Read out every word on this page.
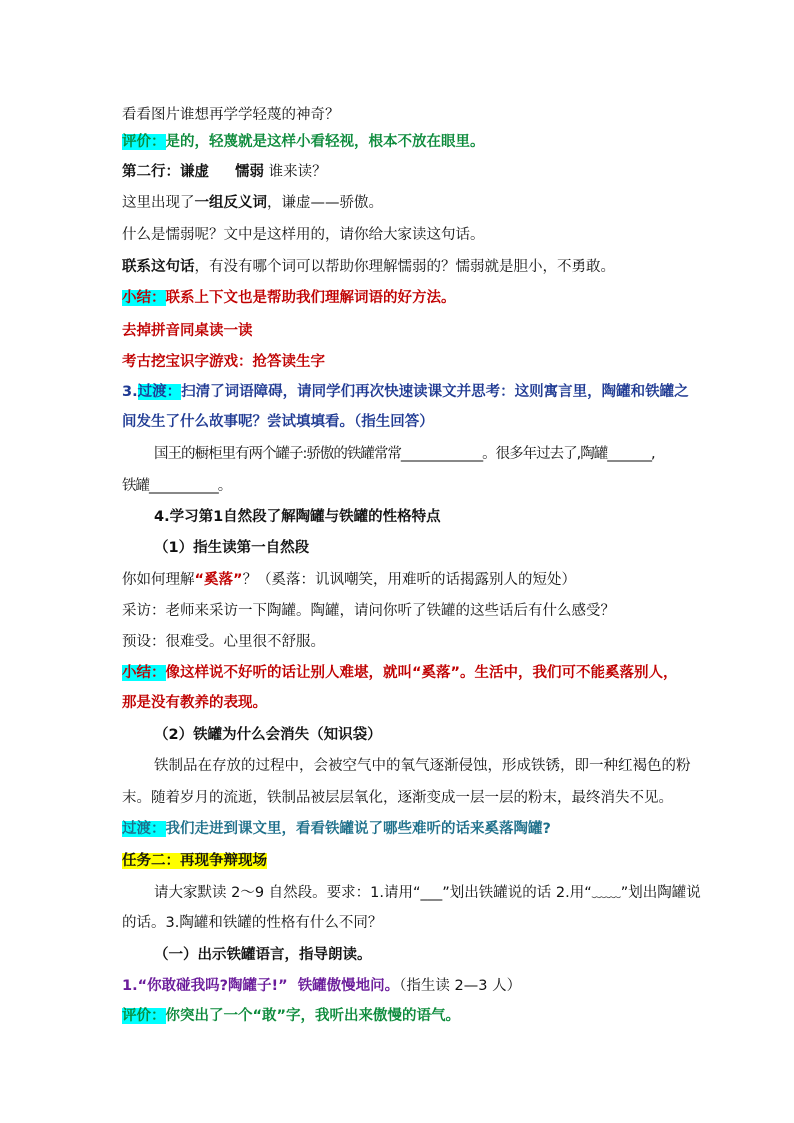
看看图片谁想再学学轻蔑的神奇？
评价：是的，轻蔑就是这样小看轻视，根本不放在眼里。
第二行：谦虚 懦弱 谁来读？
这里出现了一组反义词，谦虚——骄傲。
什么是懦弱呢？文中是这样用的，请你给大家读这句话。
联系这句话，有没有哪个词可以帮助你理解懦弱的？懦弱就是胆小，不勇敢。
小结：联系上下文也是帮助我们理解词语的好方法。
去掉拼音同桌读一读
考古挖宝识字游戏：抢答读生字
3.过渡：扫清了词语障碍，请同学们再次快速读课文并思考：这则寓言里，陶罐和铁罐之
间发生了什么故事呢？尝试填填看。（指生回答）
国王的橱柜里有两个罐子:骄傲的铁罐常常_____________。很多年过去了,陶罐_______,
铁罐___________。
4.学习第1自然段了解陶罐与铁罐的性格特点
（1）指生读第一自然段
你如何理解“奚落”？（奚落：讥讽嘲笑，用难听的话揭露别人的短处）
采访：老师来采访一下陶罐。陶罐，请问你听了铁罐的这些话后有什么感受？
预设：很难受。心里很不舒服。
小结：像这样说不好听的话让别人难堪，就叫“奚落”。生活中，我们可不能奚落别人，
那是没有教养的表现。
（2）铁罐为什么会消失（知识袋）
铁制品在存放的过程中，会被空气中的氧气逐渐侵蚀，形成铁锈，即一种红褐色的粉
末。随着岁月的流逝，铁制品被层层氧化，逐渐变成一层一层的粉末，最终消失不见。
过渡：我们走进到课文里，看看铁罐说了哪些难听的话来奚落陶罐?
任务二：再现争辩现场
请大家默读 2～9 自然段。要求：1.请用“___”划出铁罐说的话 2.用“﹏﹏”划出陶罐说
的话。3.陶罐和铁罐的性格有什么不同？
（一）出示铁罐语言，指导朗读。
1.“你敢碰我吗?陶罐子!” 铁罐傲慢地问。（指生读 2—3 人）
评价：你突出了一个“敢”字，我听出来傲慢的语气。
